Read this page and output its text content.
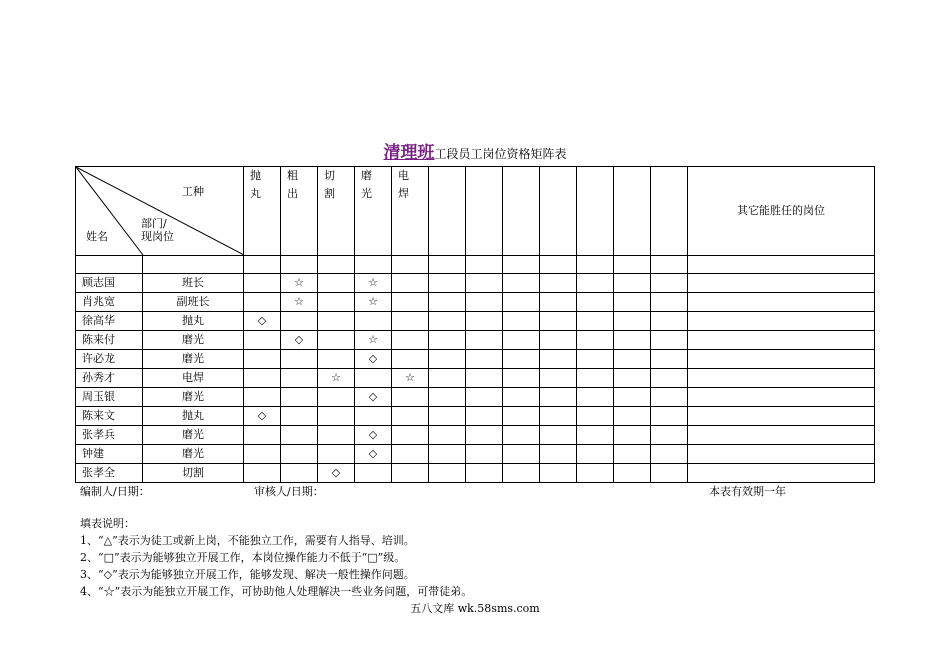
清理班工段员工岗位资格矩阵表
工种
部门/
现岗位
姓名		抛丸	粗出	切割	磨光	电焊								其它能胜任的岗位

顾志国	班长		☆		☆									
肖兆宽	副班长		☆		☆									
徐高华	抛丸	◇												
陈来付	磨光		◇		☆									
许必龙	磨光				◇									
孙秀才	电焊			☆		☆								
周玉银	磨光				◇									
陈来文	抛丸	◇												
张孝兵	磨光				◇									
钟建	磨光				◇									
张孝全	切割			◇										
编制人/日期：	审核人/日期：	本表有效期一年
填表说明：
1、“△”表示为徒工或新上岗，不能独立工作，需要有人指导、培训。
2、“□”表示为能够独立开展工作，本岗位操作能力不低于“□”级。
3、“◇”表示为能够独立开展工作，能够发现、解决一般性操作问题。
4、“☆”表示为能独立开展工作，可协助他人处理解决一些业务问题，可带徒弟。
五八文库 wk.58sms.com
